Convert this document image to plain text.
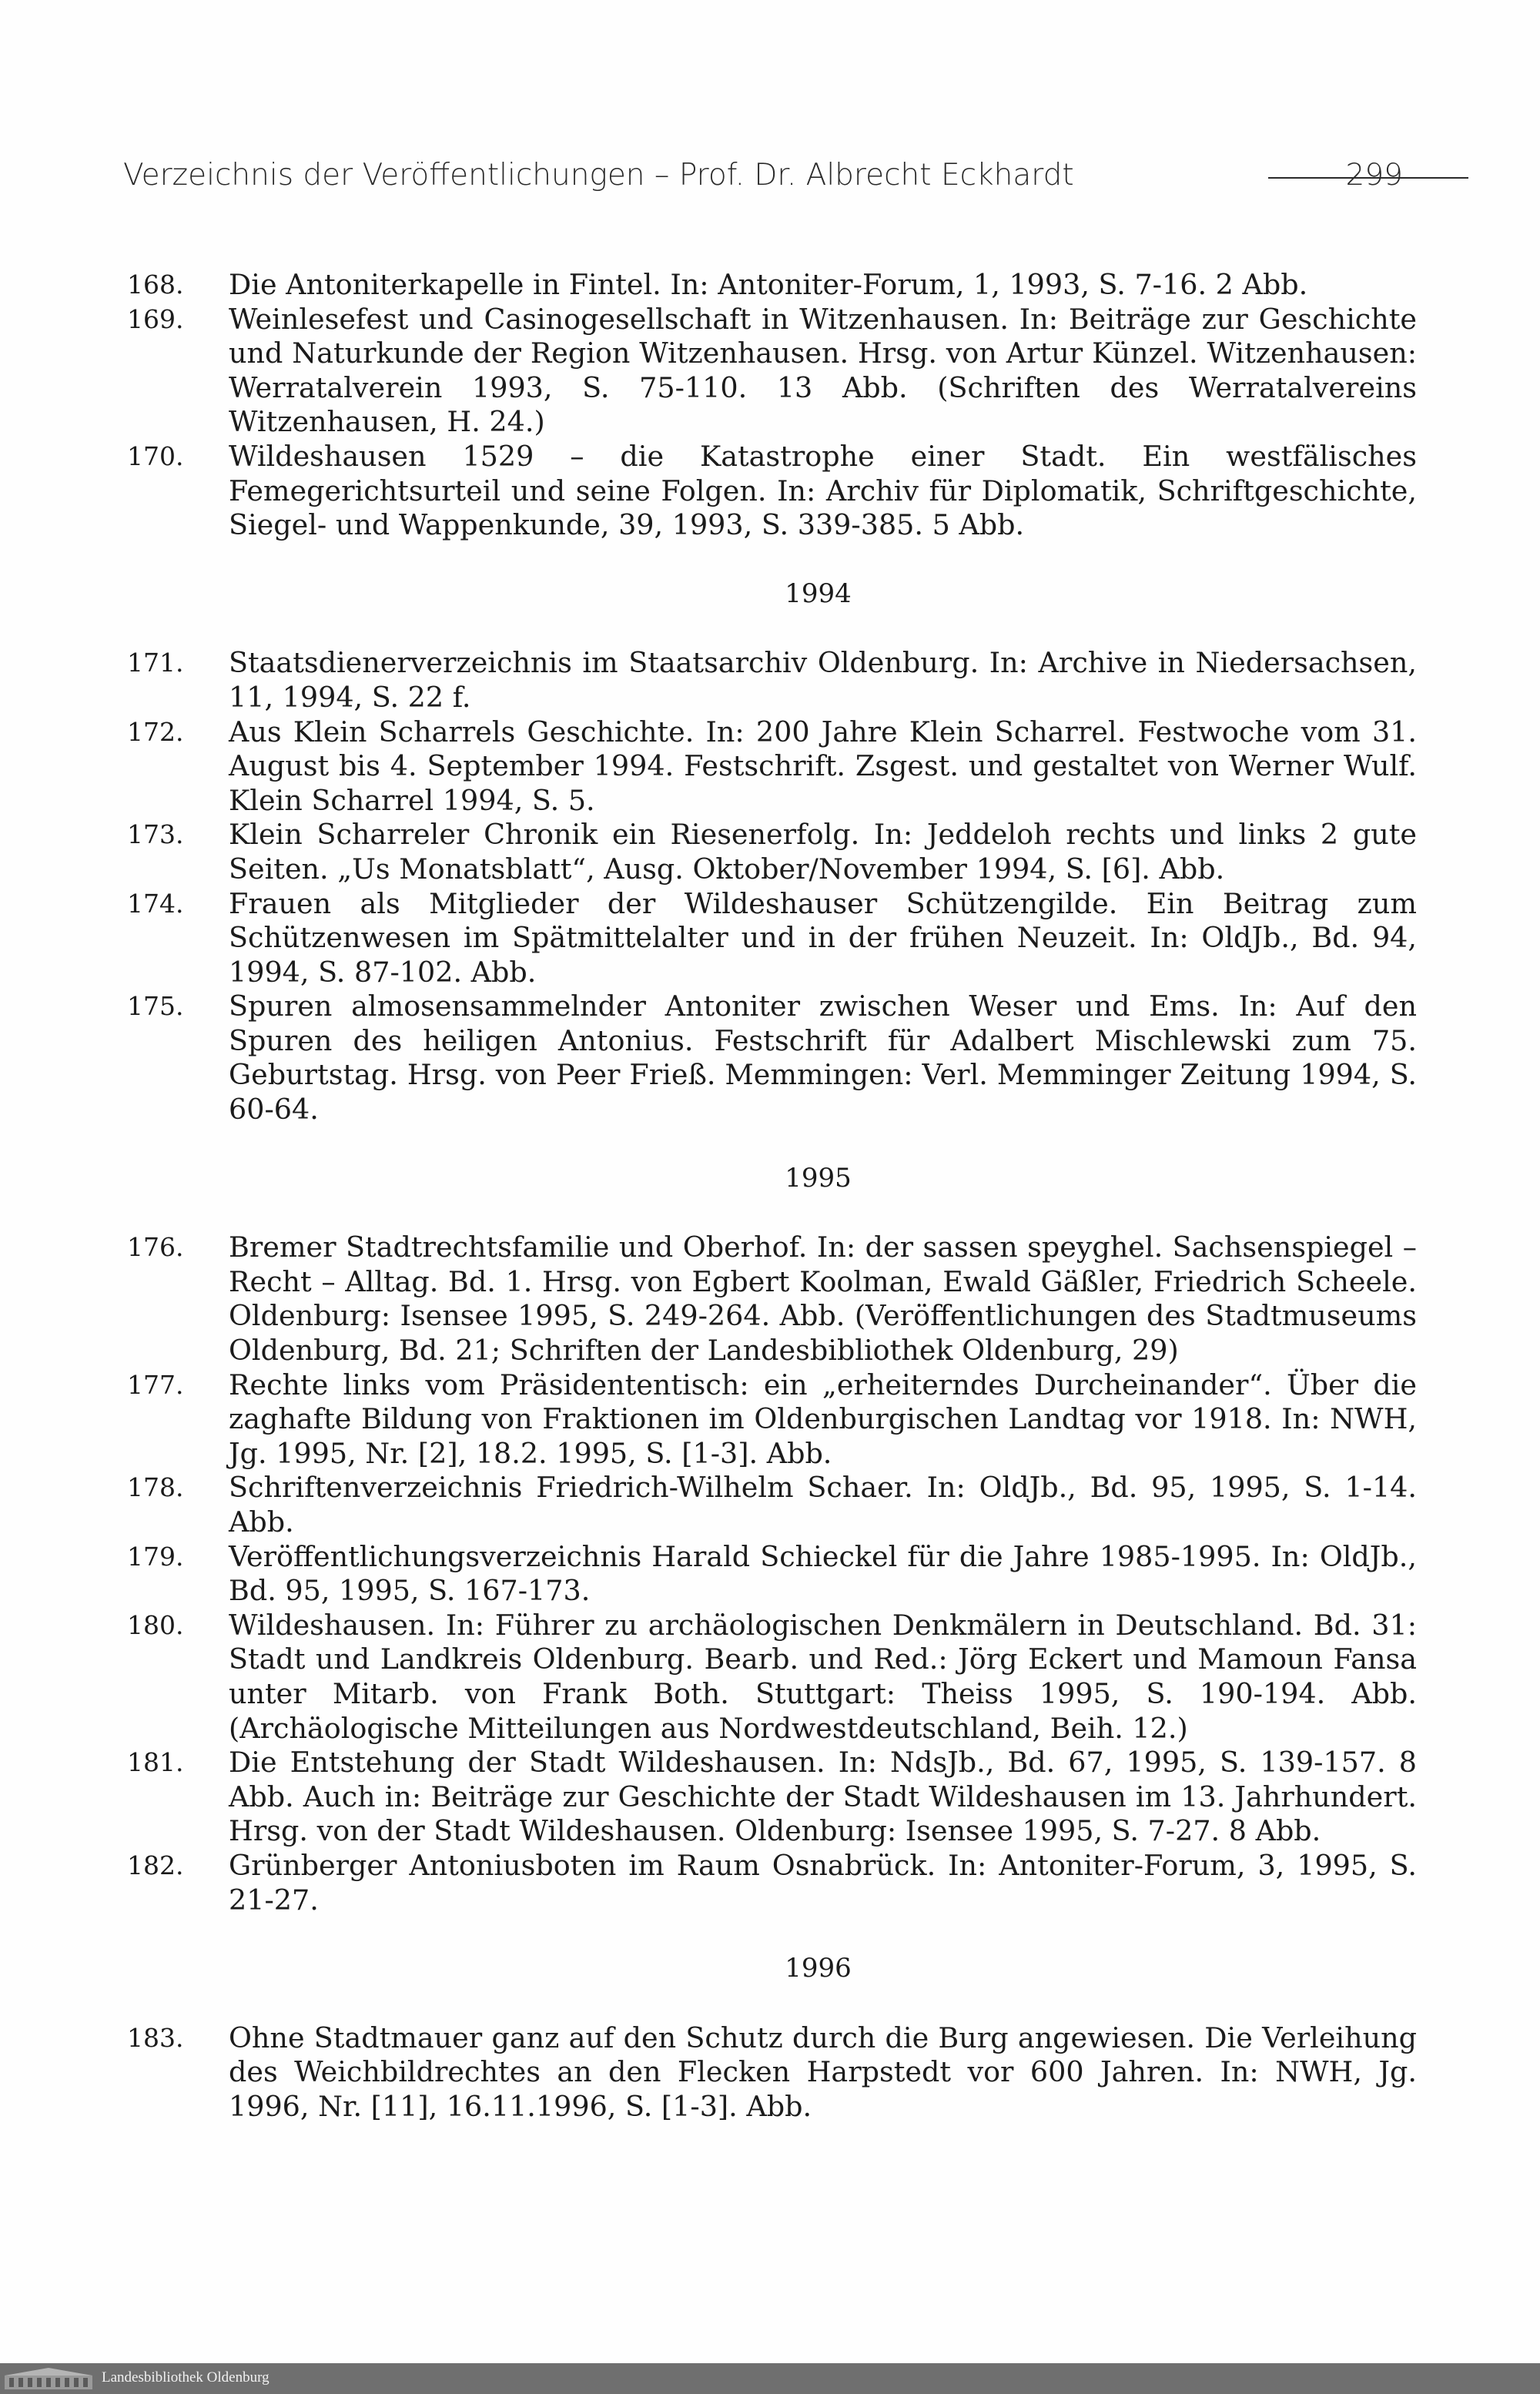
Verzeichnis der Veröffentlichungen – Prof. Dr. Albrecht Eckhardt	299
168.	Die Antoniterkapelle in Fintel. In: Antoniter-Forum, 1, 1993, S. 7-16. 2 Abb.
169.	Weinlesefest und Casinogesellschaft in Witzenhausen. In: Beiträge zur Geschichte und Naturkunde der Region Witzenhausen. Hrsg. von Artur Künzel. Witzenhausen: Werratalverein 1993, S. 75-110. 13 Abb. (Schriften des Werratalvereins Witzenhausen, H. 24.)
170.	Wildeshausen 1529 – die Katastrophe einer Stadt. Ein westfälisches Femegerichtsurteil und seine Folgen. In: Archiv für Diplomatik, Schriftgeschichte, Siegel- und Wappenkunde, 39, 1993, S. 339-385. 5 Abb.
1994
171.	Staatsdienerverzeichnis im Staatsarchiv Oldenburg. In: Archive in Niedersachsen, 11, 1994, S. 22 f.
172.	Aus Klein Scharrels Geschichte. In: 200 Jahre Klein Scharrel. Festwoche vom 31. August bis 4. September 1994. Festschrift. Zsgest. und gestaltet von Werner Wulf. Klein Scharrel 1994, S. 5.
173.	Klein Scharreler Chronik ein Riesenerfolg. In: Jeddeloh rechts und links 2 gute Seiten. „Us Monatsblatt“, Ausg. Oktober/November 1994, S. [6]. Abb.
174.	Frauen als Mitglieder der Wildeshauser Schützengilde. Ein Beitrag zum Schützenwesen im Spätmittelalter und in der frühen Neuzeit. In: OldJb., Bd. 94, 1994, S. 87-102. Abb.
175.	Spuren almosensammelnder Antoniter zwischen Weser und Ems. In: Auf den Spuren des heiligen Antonius. Festschrift für Adalbert Mischlewski zum 75. Geburtstag. Hrsg. von Peer Frieß. Memmingen: Verl. Memminger Zeitung 1994, S. 60-64.
1995
176.	Bremer Stadtrechtsfamilie und Oberhof. In: der sassen speyghel. Sachsenspiegel – Recht – Alltag. Bd. 1. Hrsg. von Egbert Koolman, Ewald Gäßler, Friedrich Scheele. Oldenburg: Isensee 1995, S. 249-264. Abb. (Veröffentlichungen des Stadtmuseums Oldenburg, Bd. 21; Schriften der Landesbibliothek Oldenburg, 29)
177.	Rechte links vom Präsidententisch: ein „erheiterndes Durcheinander“. Über die zaghafte Bildung von Fraktionen im Oldenburgischen Landtag vor 1918. In: NWH, Jg. 1995, Nr. [2], 18.2. 1995, S. [1-3]. Abb.
178.	Schriftenverzeichnis Friedrich-Wilhelm Schaer. In: OldJb., Bd. 95, 1995, S. 1-14. Abb.
179.	Veröffentlichungsverzeichnis Harald Schieckel für die Jahre 1985-1995. In: OldJb., Bd. 95, 1995, S. 167-173.
180.	Wildeshausen. In: Führer zu archäologischen Denkmälern in Deutschland. Bd. 31: Stadt und Landkreis Oldenburg. Bearb. und Red.: Jörg Eckert und Mamoun Fansa unter Mitarb. von Frank Both. Stuttgart: Theiss 1995, S. 190-194. Abb. (Archäologische Mitteilungen aus Nordwestdeutschland, Beih. 12.)
181.	Die Entstehung der Stadt Wildeshausen. In: NdsJb., Bd. 67, 1995, S. 139-157. 8 Abb. Auch in: Beiträge zur Geschichte der Stadt Wildeshausen im 13. Jahrhundert. Hrsg. von der Stadt Wildeshausen. Oldenburg: Isensee 1995, S. 7-27. 8 Abb.
182.	Grünberger Antoniusboten im Raum Osnabrück. In: Antoniter-Forum, 3, 1995, S. 21-27.
1996
183.	Ohne Stadtmauer ganz auf den Schutz durch die Burg angewiesen. Die Verleihung des Weichbildrechtes an den Flecken Harpstedt vor 600 Jahren. In: NWH, Jg. 1996, Nr. [11], 16.11.1996, S. [1-3]. Abb.
Landesbibliothek Oldenburg
